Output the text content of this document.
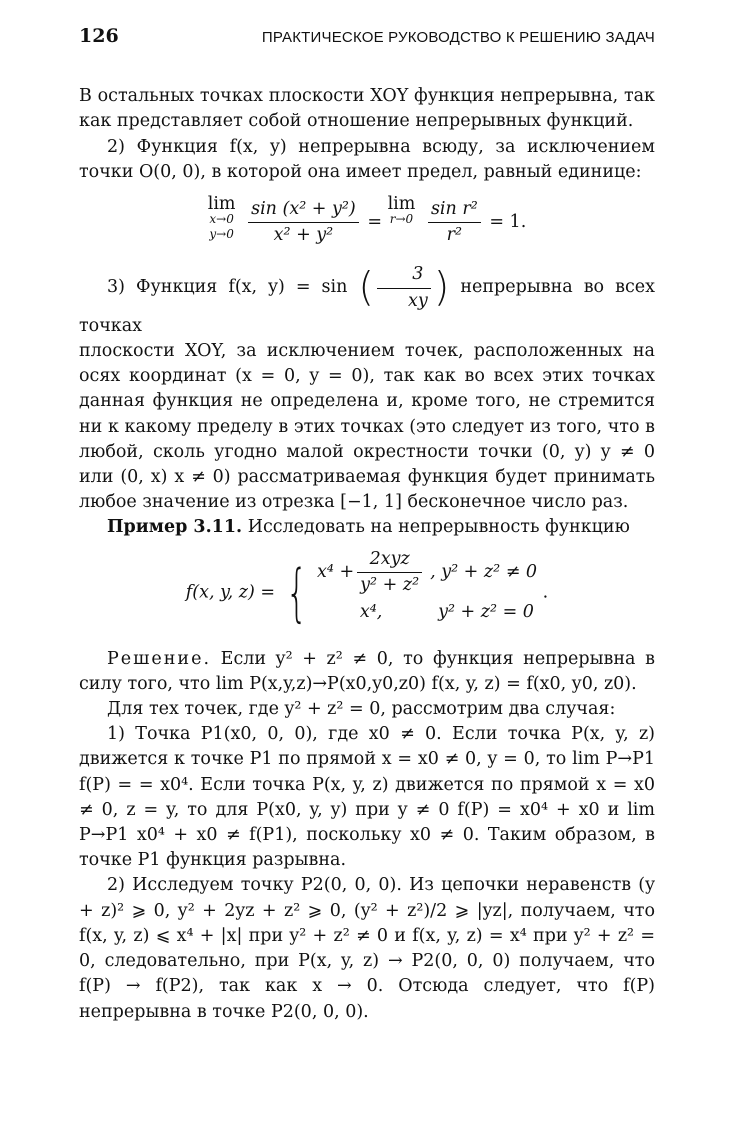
126	ПРАКТИЧЕСКОЕ РУКОВОДСТВО К РЕШЕНИЮ ЗАДАЧ

В остальных точках плоскости XOY функция непрерывна, так как представляет собой отношение непрерывных функций.

2) Функция f(x, y) непрерывна всюду, за исключением точки O(0, 0), в которой она имеет предел, равный единице:

lim
x→0
y→0
$\frac{\text{sin (x² + y²)}}{\text{x² + y²}} = \lim$
r→0
$\frac{\text{sin r²}}{\text{r²}} = 1$.

3) Функция f(x, y) = sin ( $\frac{3}{xy}$ ) непрерывна во всех точках

плоскости XOY, за исключением точек, расположенных на осях координат (x = 0, y = 0), так как во всех этих точках данная функция не определена и, кроме того, не стремится ни к какому пределу в этих точках (это следует из того, что в любой, сколь угодно малой окрестности точки (0, y) y ≠ 0 или (0, x) x ≠ 0) рассматриваемая функция будет принимать любое значение из отрезка [−1, 1] бесконечное число раз.

Пример 3.11. Исследовать на непрерывность функцию

f(x, y, z) = { $x^4 + \frac{\text{2xyz}}{\text{y² + z²}}$ , y² + z² ≠ 0
x⁴,	y² + z² = 0
.

Решение. Если y² + z² ≠ 0, то функция непрерывна в силу того, что lim P(x,y,z)→P(x0,y0,z0) f(x, y, z) = f(x0, y0, z0).

Для тех точек, где y² + z² = 0, рассмотрим два случая:

1) Точка P1(x0, 0, 0), где x0 ≠ 0. Если точка P(x, y, z) движется к точке P1 по прямой x = x0 ≠ 0, y = 0, то lim P→P1 f(P) = = x0⁴. Если точка P(x, y, z) движется по прямой x = x0 ≠ 0, z = y, то для P(x0, y, y) при y ≠ 0 f(P) = x0⁴ + x0 и lim P→P1 x0⁴ + x0 ≠ f(P1), поскольку x0 ≠ 0. Таким образом, в точке P1 функция разрывна.

2) Исследуем точку P2(0, 0, 0). Из цепочки неравенств (y + z)² ⩾ 0, y² + 2yz + z² ⩾ 0, (y² + z²)/2 ⩾ |yz|, получаем, что f(x, y, z) ⩽ x⁴ + |x| при y² + z² ≠ 0 и f(x, y, z) = x⁴ при y² + z² = 0, следовательно, при P(x, y, z) → P2(0, 0, 0) получаем, что f(P) → f(P2), так как x → 0. Отсюда следует, что f(P) непрерывна в точке P2(0, 0, 0).
